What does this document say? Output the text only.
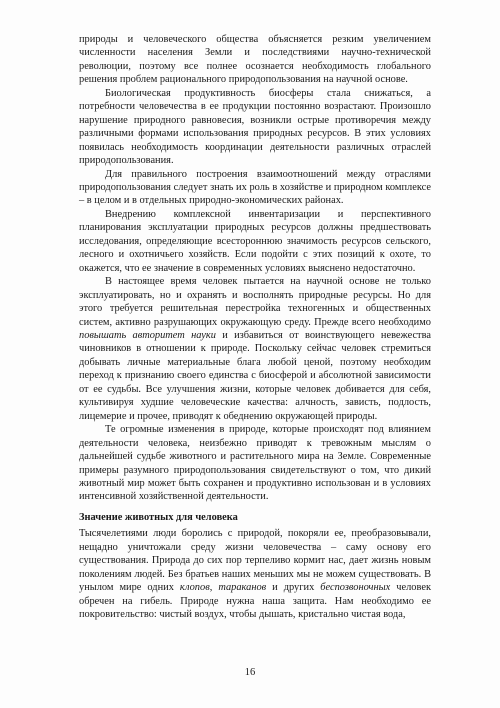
природы и человеческого общества объясняется резким увеличением численности населения Земли и последствиями научно-технической революции, поэтому все полнее осознается необходимость глобального решения проблем рационального природопользования на научной основе.

Биологическая продуктивность биосферы стала снижаться, а потребности человечества в ее продукции постоянно возрастают. Произошло нарушение природного равновесия, возникли острые противоречия между различными формами использования природных ресурсов. В этих условиях появилась необходимость координации деятельности различных отраслей природопользования.

Для правильного построения взаимоотношений между отраслями природопользования следует знать их роль в хозяйстве и природном комплексе – в целом и в отдельных природно-экономических районах.

Внедрению комплексной инвентаризации и перспективного планирования эксплуатации природных ресурсов должны предшествовать исследования, определяющие всестороннюю значимость ресурсов сельского, лесного и охотничьего хозяйств. Если подойти с этих позиций к охоте, то окажется, что ее значение в современных условиях выяснено недостаточно.

В настоящее время человек пытается на научной основе не только эксплуатировать, но и охранять и восполнять природные ресурсы. Но для этого требуется решительная перестройка техногенных и общественных систем, активно разрушающих окружающую среду. Прежде всего необходимо повышать авторитет науки и избавиться от воинствующего невежества чиновников в отношении к природе. Поскольку сейчас человек стремиться добывать личные материальные блага любой ценой, поэтому необходим переход к признанию своего единства с биосферой и абсолютной зависимости от ее судьбы. Все улучшения жизни, которые человек добивается для себя, культивируя худшие человеческие качества: алчность, зависть, подлость, лицемерие и прочее, приводят к обеднению окружающей природы.

Те огромные изменения в природе, которые происходят под влиянием деятельности человека, неизбежно приводят к тревожным мыслям о дальнейшей судьбе животного и растительного мира на Земле. Современные примеры разумного природопользования свидетельствуют о том, что дикий животный мир может быть сохранен и продуктивно использован и в условиях интенсивной хозяйственной деятельности.

Значение животных для человека

Тысячелетиями люди боролись с природой, покоряли ее, преобразовывали, нещадно уничтожали среду жизни человечества – саму основу его существования. Природа до сих пор терпеливо кормит нас, дает жизнь новым поколениям людей. Без братьев наших меньших мы не можем существовать. В унылом мире одних клопов, тараканов и других беспозвоночных человек обречен на гибель. Природе нужна наша защита. Нам необходимо ее покровительство: чистый воздух, чтобы дышать, кристально чистая вода,

16
